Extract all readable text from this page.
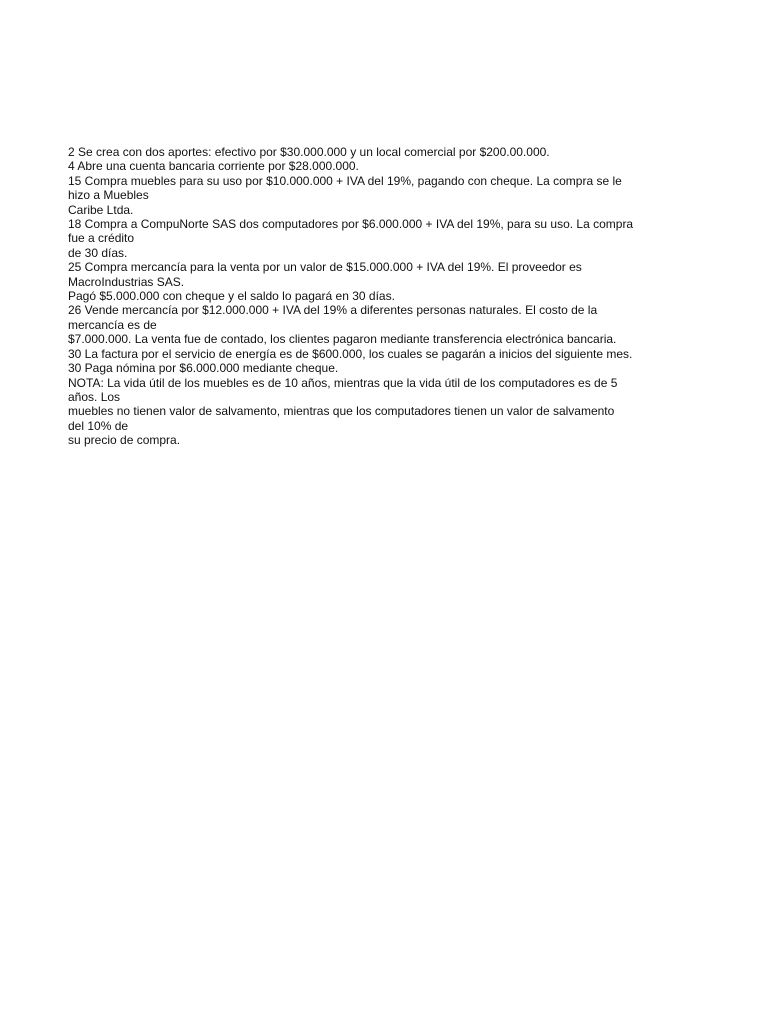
2 Se crea con dos aportes: efectivo por $30.000.000 y un local comercial por $200.00.000.
4 Abre una cuenta bancaria corriente por $28.000.000.
15 Compra muebles para su uso por $10.000.000 + IVA del 19%, pagando con cheque. La compra se le
hizo a Muebles
Caribe Ltda.
18 Compra a CompuNorte SAS dos computadores por $6.000.000 + IVA del 19%, para su uso. La compra
fue a crédito
de 30 días.
25 Compra mercancía para la venta por un valor de $15.000.000 + IVA del 19%. El proveedor es
MacroIndustrias SAS.
Pagó $5.000.000 con cheque y el saldo lo pagará en 30 días.
26 Vende mercancía por $12.000.000 + IVA del 19% a diferentes personas naturales. El costo de la
mercancía es de
$7.000.000. La venta fue de contado, los clientes pagaron mediante transferencia electrónica bancaria.
30 La factura por el servicio de energía es de $600.000, los cuales se pagarán a inicios del siguiente mes.
30 Paga nómina por $6.000.000 mediante cheque.
NOTA: La vida útil de los muebles es de 10 años, mientras que la vida útil de los computadores es de 5
años. Los
muebles no tienen valor de salvamento, mientras que los computadores tienen un valor de salvamento
del 10% de
su precio de compra.
